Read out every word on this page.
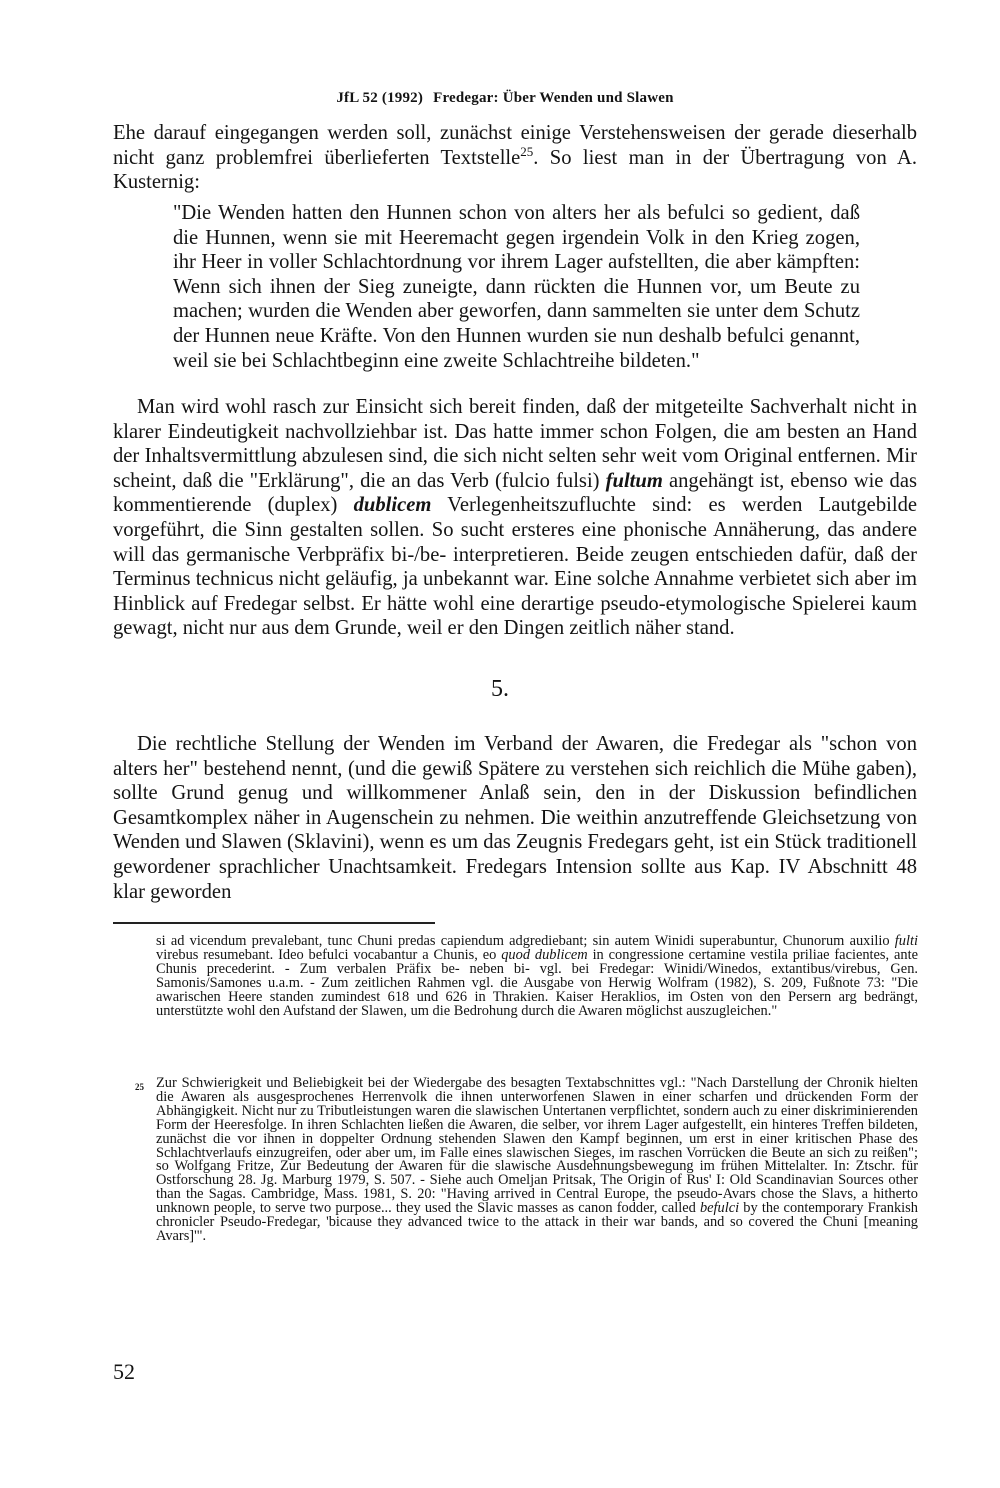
JfL 52 (1992) Fredegar: Über Wenden und Slawen

Ehe darauf eingegangen werden soll, zunächst einige Verstehensweisen der gerade dieserhalb nicht ganz problemfrei überlieferten Textstelle$^{25}$. So liest man in der Übertragung von A. Kusternig:

"Die Wenden hatten den Hunnen schon von alters her als befulci so gedient, daß die Hunnen, wenn sie mit Heeremacht gegen irgendein Volk in den Krieg zogen, ihr Heer in voller Schlachtordnung vor ihrem Lager aufstellten, die aber kämpften: Wenn sich ihnen der Sieg zuneigte, dann rückten die Hunnen vor, um Beute zu machen; wurden die Wenden aber geworfen, dann sammelten sie unter dem Schutz der Hunnen neue Kräfte. Von den Hunnen wurden sie nun deshalb befulci genannt, weil sie bei Schlachtbeginn eine zweite Schlachtreihe bildeten."

Man wird wohl rasch zur Einsicht sich bereit finden, daß der mitgeteilte Sachverhalt nicht in klarer Eindeutigkeit nachvollziehbar ist. Das hatte immer schon Folgen, die am besten an Hand der Inhaltsvermittlung abzulesen sind, die sich nicht selten sehr weit vom Original entfernen. Mir scheint, daß die "Erklärung", die an das Verb (fulcio fulsi) fultum angehängt ist, ebenso wie das kommentierende (duplex) dublicem Verlegenheitszufluchte sind: es werden Lautgebilde vorgeführt, die Sinn gestalten sollen. So sucht ersteres eine phonische Annäherung, das andere will das germanische Verbpräfix bi-/be- interpretieren. Beide zeugen entschieden dafür, daß der Terminus technicus nicht geläufig, ja unbekannt war. Eine solche Annahme verbietet sich aber im Hinblick auf Fredegar selbst. Er hätte wohl eine derartige pseudo-etymologische Spielerei kaum gewagt, nicht nur aus dem Grunde, weil er den Dingen zeitlich näher stand.

5.

Die rechtliche Stellung der Wenden im Verband der Awaren, die Fredegar als "schon von alters her" bestehend nennt, (und die gewiß Spätere zu verstehen sich reichlich die Mühe gaben), sollte Grund genug und willkommener Anlaß sein, den in der Diskussion befindlichen Gesamtkomplex näher in Augenschein zu nehmen. Die weithin anzutreffende Gleichsetzung von Wenden und Slawen (Sklavini), wenn es um das Zeugnis Fredegars geht, ist ein Stück traditionell gewordener sprachlicher Unachtsamkeit. Fredegars Intension sollte aus Kap. IV Abschnitt 48 klar geworden

si ad vicendum prevalebant, tunc Chuni predas capiendum adgrediebant; sin autem Winidi superabuntur, Chunorum auxilio fulti virebus resumebant. Ideo befulci vocabantur a Chunis, eo quod dublicem in congressione certamine vestila priliae facientes, ante Chunis precederint. - Zum verbalen Präfix be- neben bi- vgl. bei Fredegar: Winidi/Winedos, extantibus/virebus, Gen. Samonis/Samones u.a.m. - Zum zeitlichen Rahmen vgl. die Ausgabe von Herwig Wolfram (1982), S. 209, Fußnote 73: "Die awarischen Heere standen zumindest 618 und 626 in Thrakien. Kaiser Heraklios, im Osten von den Persern arg bedrängt, unterstützte wohl den Aufstand der Slawen, um die Bedrohung durch die Awaren möglichst auszugleichen."

25 Zur Schwierigkeit und Beliebigkeit bei der Wiedergabe des besagten Textabschnittes vgl.: "Nach Darstellung der Chronik hielten die Awaren als ausgesprochenes Herrenvolk die ihnen unterworfenen Slawen in einer scharfen und drückenden Form der Abhängigkeit. Nicht nur zu Tributleistungen waren die slawischen Untertanen verpflichtet, sondern auch zu einer diskriminierenden Form der Heeresfolge. In ihren Schlachten ließen die Awaren, die selber, vor ihrem Lager aufgestellt, ein hinteres Treffen bildeten, zunächst die vor ihnen in doppelter Ordnung stehenden Slawen den Kampf beginnen, um erst in einer kritischen Phase des Schlachtverlaufs einzugreifen, oder aber um, im Falle eines slawischen Sieges, im raschen Vorrücken die Beute an sich zu reißen"; so Wolfgang Fritze, Zur Bedeutung der Awaren für die slawische Ausdehnungsbewegung im frühen Mittelalter. In: Ztschr. für Ostforschung 28. Jg. Marburg 1979, S. 507. - Siehe auch Omeljan Pritsak, The Origin of Rus' I: Old Scandinavian Sources other than the Sagas. Cambridge, Mass. 1981, S. 20: "Having arrived in Central Europe, the pseudo-Avars chose the Slavs, a hitherto unknown people, to serve two purpose... they used the Slavic masses as canon fodder, called befulci by the contemporary Frankish chronicler Pseudo-Fredegar, 'bicause they advanced twice to the attack in their war bands, and so covered the Chuni [meaning Avars]'".

52
